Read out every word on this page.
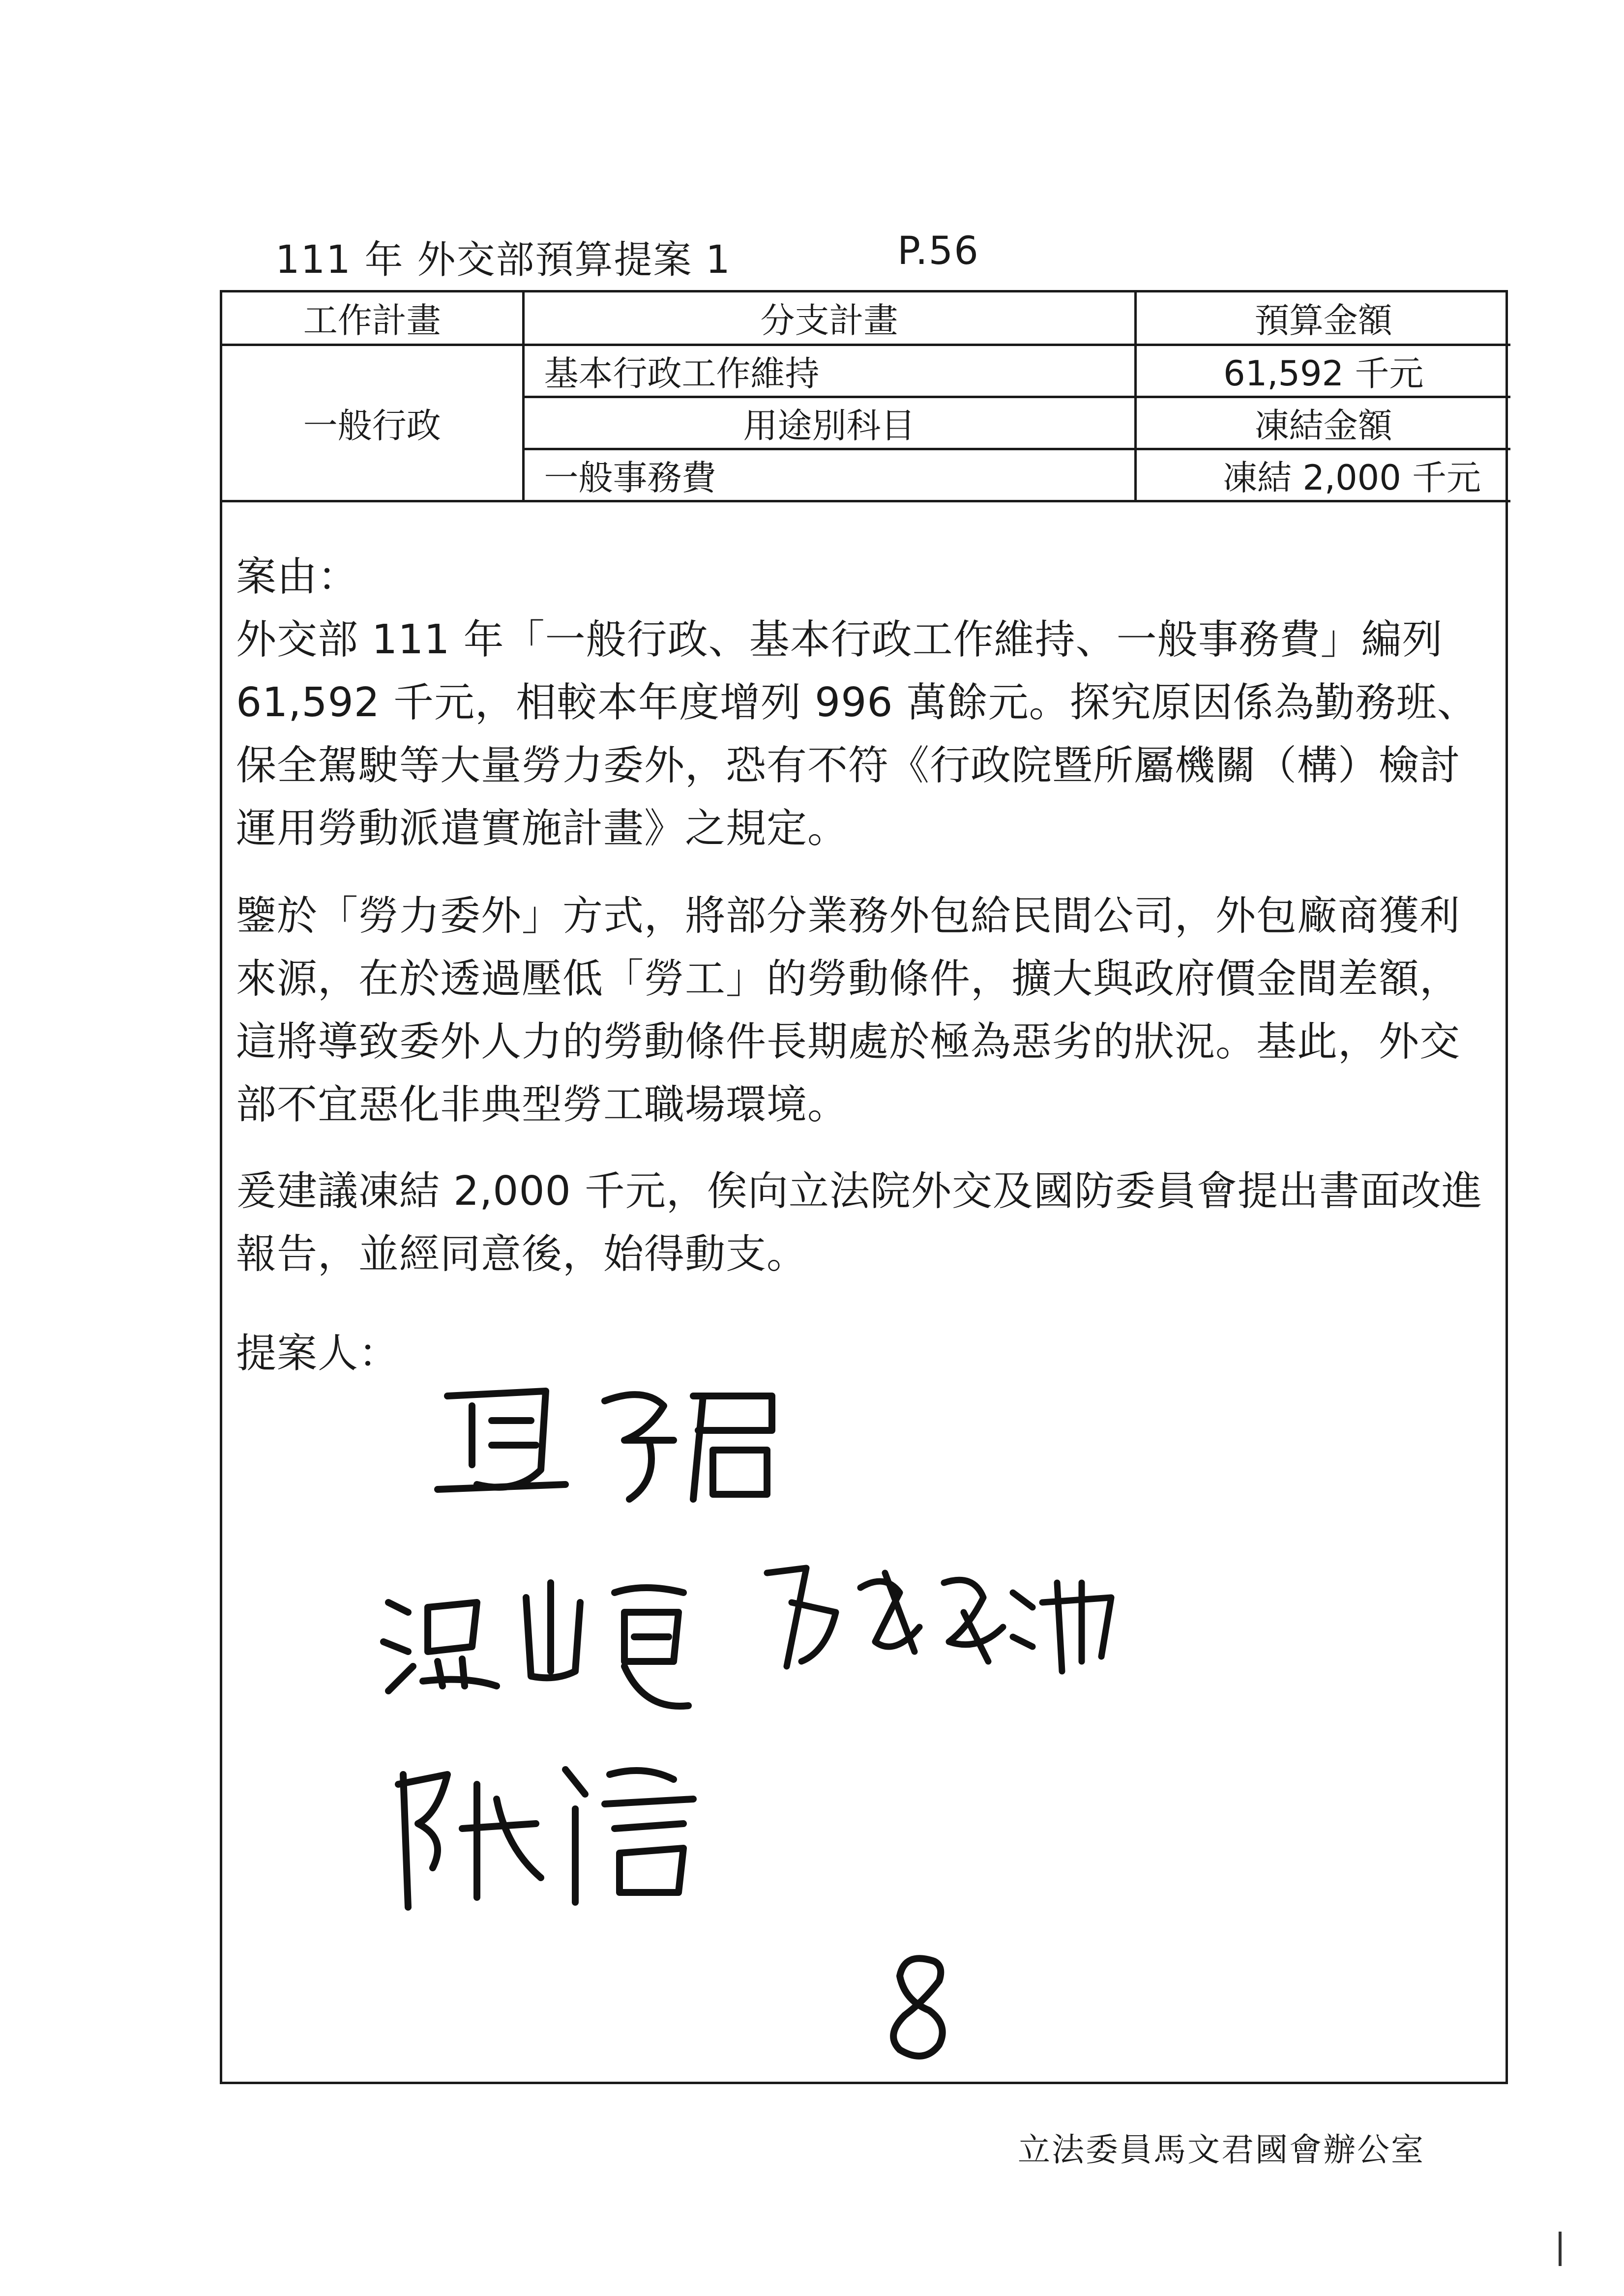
111 年 外交部預算提案 1	P.56
工作計畫	分支計畫	預算金額
一般行政	基本行政工作維持	61,592 千元
	用途別科目	凍結金額
	一般事務費	凍結 2,000 千元
案由：

外交部 111 年「一般行政、基本行政工作維持、一般事務費」編列 61,592 千元，相較本年度增列 996 萬餘元。探究原因係為勤務班、保全駕駛等大量勞力委外，恐有不符《行政院暨所屬機關（構）檢討運用勞動派遣實施計畫》之規定。

鑒於「勞力委外」方式，將部分業務外包給民間公司，外包廠商獲利來源，在於透過壓低「勞工」的勞動條件，擴大與政府價金間差額，這將導致委外人力的勞動條件長期處於極為惡劣的狀況。基此，外交部不宜惡化非典型勞工職場環境。

爰建議凍結 2,000 千元，俟向立法院外交及國防委員會提出書面改進報告，並經同意後，始得動支。

提案人：
立法委員馬文君國會辦公室
